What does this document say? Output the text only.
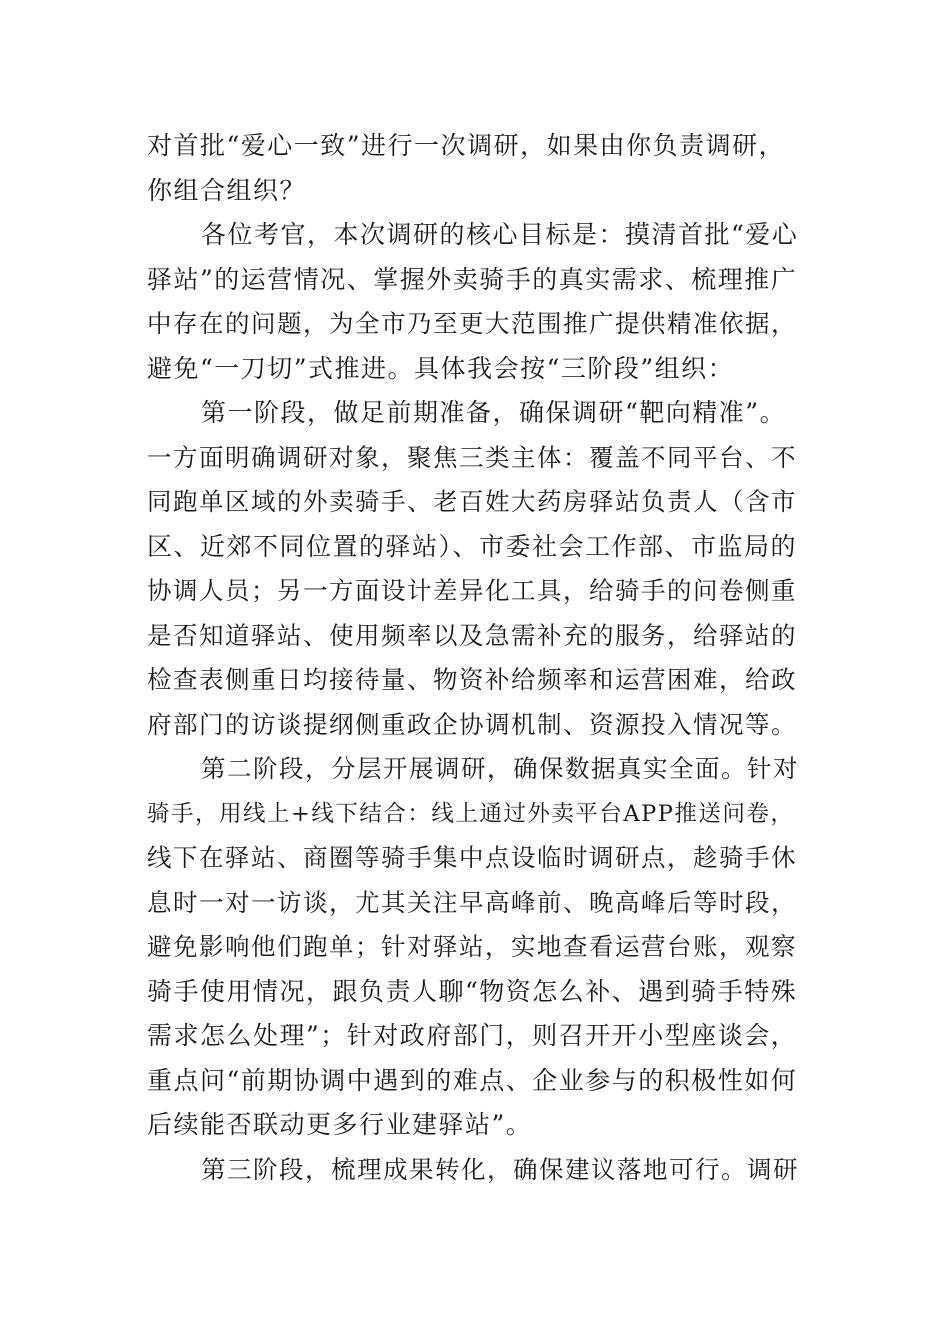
对首批“爱心一致”进行一次调研，如果由你负责调研，
你组合组织？
各位考官，本次调研的核心目标是：摸清首批“爱心
驿站”的运营情况、掌握外卖骑手的真实需求、梳理推广
中存在的问题，为全市乃至更大范围推广提供精准依据，
避免“一刀切”式推进。具体我会按“三阶段”组织：
第一阶段，做足前期准备，确保调研“靶向精准”。
一方面明确调研对象，聚焦三类主体：覆盖不同平台、不
同跑单区域的外卖骑手、老百姓大药房驿站负责人（含市
区、近郊不同位置的驿站）、市委社会工作部、市监局的
协调人员；另一方面设计差异化工具，给骑手的问卷侧重
是否知道驿站、使用频率以及急需补充的服务，给驿站的
检查表侧重日均接待量、物资补给频率和运营困难，给政
府部门的访谈提纲侧重政企协调机制、资源投入情况等。
第二阶段，分层开展调研，确保数据真实全面。针对
骑手，用线上+线下结合：线上通过外卖平台APP推送问卷，
线下在驿站、商圈等骑手集中点设临时调研点，趁骑手休
息时一对一访谈，尤其关注早高峰前、晚高峰后等时段，
避免影响他们跑单；针对驿站，实地查看运营台账，观察
骑手使用情况，跟负责人聊“物资怎么补、遇到骑手特殊
需求怎么处理”；针对政府部门，则召开开小型座谈会，
重点问“前期协调中遇到的难点、企业参与的积极性如何
后续能否联动更多行业建驿站”。
第三阶段，梳理成果转化，确保建议落地可行。调研
